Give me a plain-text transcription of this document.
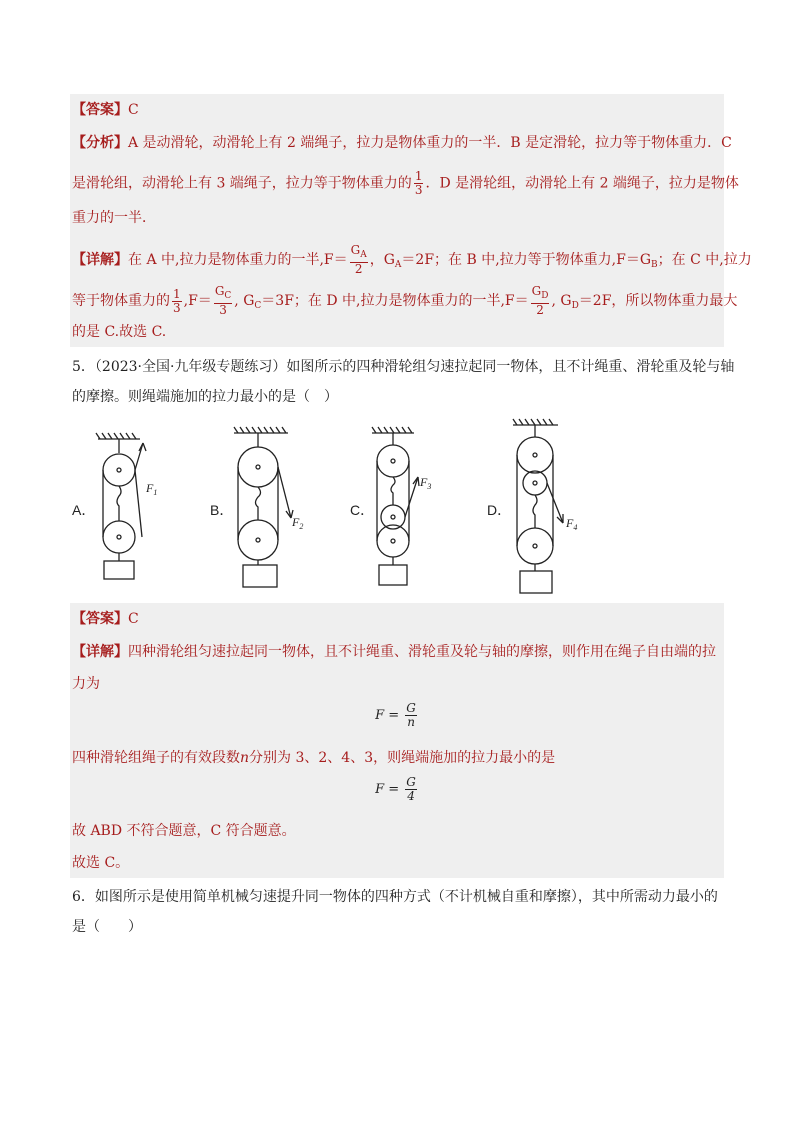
【答案】C
【分析】A 是动滑轮，动滑轮上有 2 端绳子，拉力是物体重力的一半．B 是定滑轮，拉力等于物体重力．C
是滑轮组，动滑轮上有 3 端绳子，拉力等于物体重力的 $\frac{1}{3}$ ．D 是滑轮组，动滑轮上有 2 端绳子，拉力是物体
重力的一半．
【详解】在 A 中,拉力是物体重力的一半$,F= \frac{G_A}{2}$ ，$G_A=2F$；在 B 中,拉力等于物体重力$,F=G_B$；在 C 中,拉力
等于物体重力的 $\frac{1}{3} ,F= \frac{G_C}{3}$ , $G_C=3F$；在 D 中,拉力是物体重力的一半$,F= \frac{G_D}{2}$ , $G_D=2F$，所以物体重力最大
的是 C.故选 C.
5．（2023·全国·九年级专题练习）如图所示的四种滑轮组匀速拉起同一物体，且不计绳重、滑轮重及轮与轴
的摩擦。则绳端施加的拉力最小的是（　）
A．	B．	C．	D．
$F_1$
$F_2$
$F_3$
$F_4$
【答案】C
【详解】四种滑轮组匀速拉起同一物体，且不计绳重、滑轮重及轮与轴的摩擦，则作用在绳子自由端的拉
力为
$F = \frac{G}{n}$
四种滑轮组绳子的有效段数n分别为 3、2、4、3，则绳端施加的拉力最小的是
$F = \frac{G}{4}$
故 ABD 不符合题意，C 符合题意。
故选 C。
6．如图所示是使用简单机械匀速提升同一物体的四种方式（不计机械自重和摩擦），其中所需动力最小的
是（　　）
